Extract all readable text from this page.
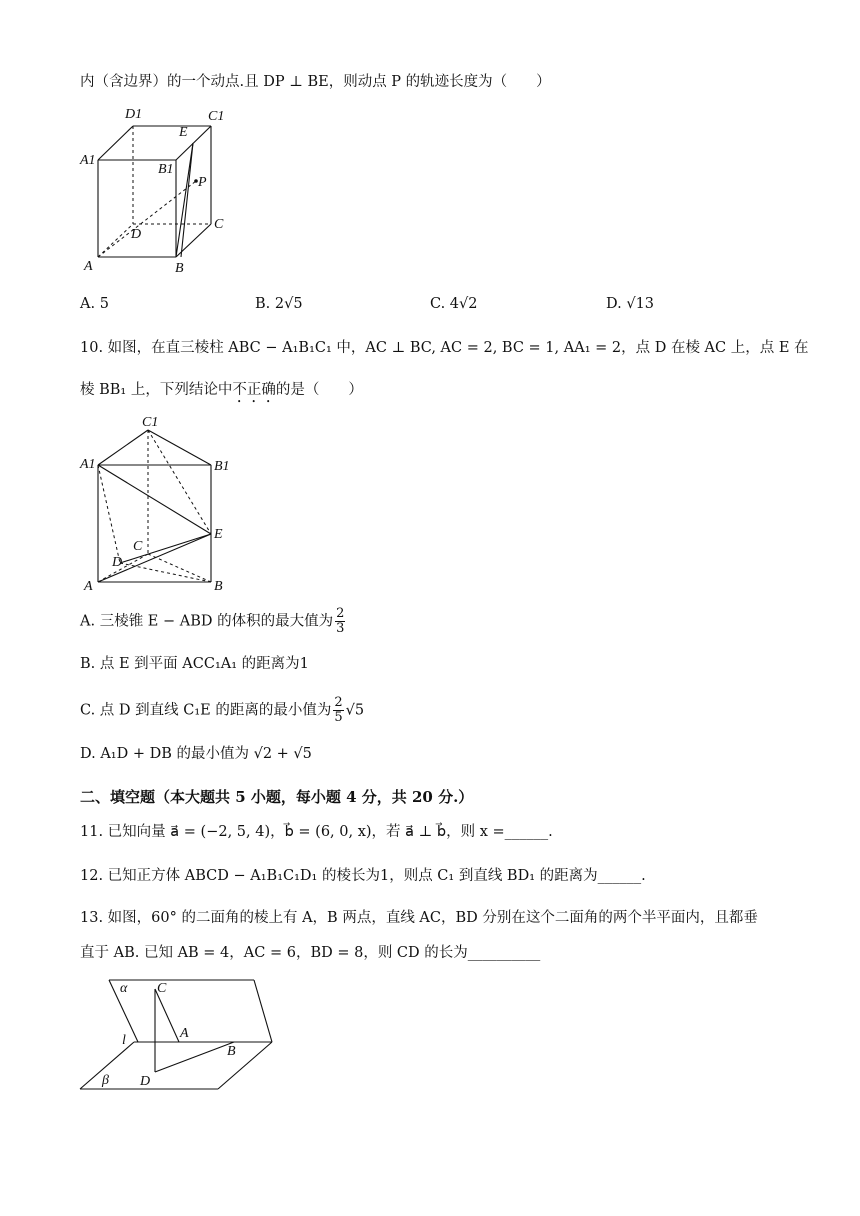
内（含边界）的一个动点.且 DP ⊥ BE，则动点 P 的轨迹长度为（　　）
D1	C1
E
A1
B1
P
D
C
A	B
A. 5	B. 2√5	C. 4√2	D. √13
10. 如图，在直三棱柱 ABC − A₁B₁C₁ 中，AC ⊥ BC, AC = 2, BC = 1, AA₁ = 2，点 D 在棱 AC 上，点 E 在
棱 BB₁ 上，下列结论中不正确的是（　　）
C1
A1	B1
E
C
D
A	B
A. 三棱锥 E − ABD 的体积的最大值为 $\frac{2}{3}$
B. 点 E 到平面 ACC₁A₁ 的距离为1
C. 点 D 到直线 C₁E 的距离的最小值为 $\frac{2}{5} √5$
D. A₁D + DB 的最小值为 √2 + √5
二、填空题（本大题共 5 小题，每小题 4 分，共 20 分.）
11. 已知向量 a⃗ = (−2, 5, 4)，b⃗ = (6, 0, x)，若 a⃗ ⊥ b⃗，则 x =______.
12. 已知正方体 ABCD − A₁B₁C₁D₁ 的棱长为1，则点 C₁ 到直线 BD₁ 的距离为______.
13. 如图，60° 的二面角的棱上有 A，B 两点，直线 AC，BD 分别在这个二面角的两个半平面内，且都垂
直于 AB. 已知 AB = 4，AC = 6，BD = 8，则 CD 的长为__________
α C
l	A
B
β D
